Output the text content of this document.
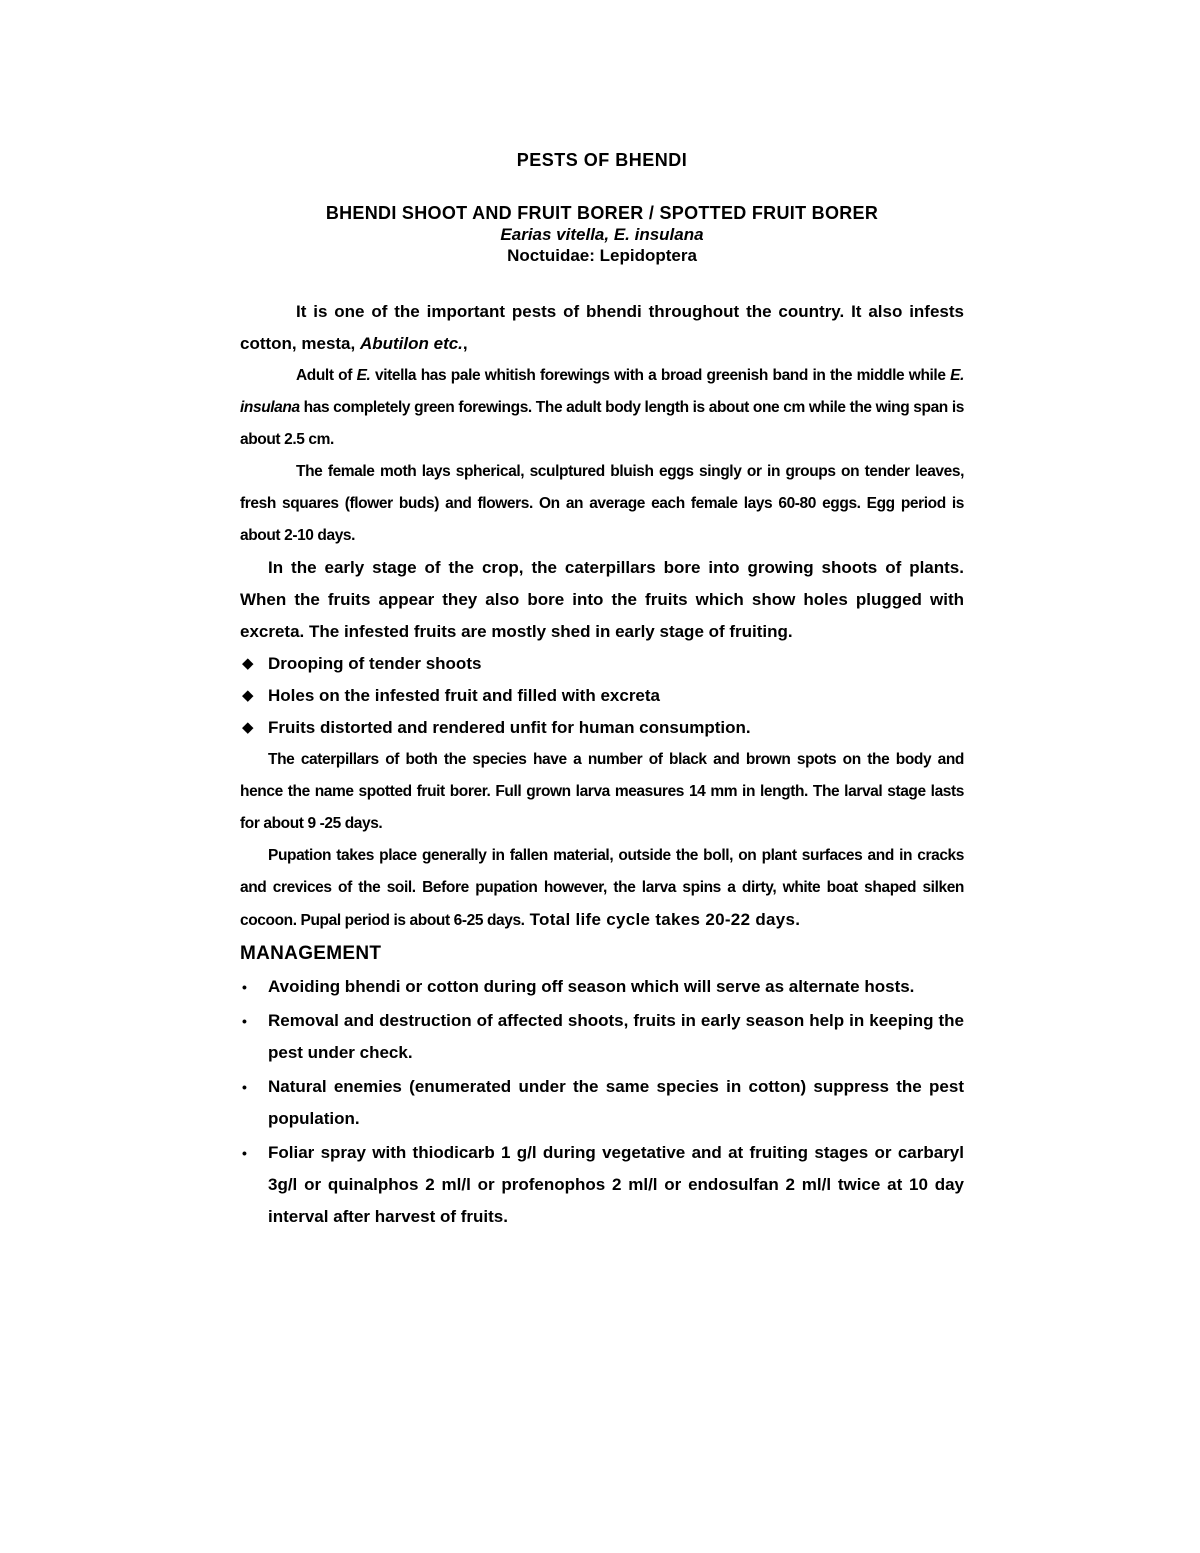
PESTS OF BHENDI
BHENDI SHOOT AND FRUIT BORER / SPOTTED FRUIT BORER
Earias vitella, E. insulana
Noctuidae: Lepidoptera

It is one of the important pests of bhendi throughout the country. It also infests cotton, mesta, Abutilon etc.,

Adult of E. vitella has pale whitish forewings with a broad greenish band in the middle while E. insulana has completely green forewings. The adult body length is about one cm while the wing span is about 2.5 cm.

The female moth lays spherical, sculptured bluish eggs singly or in groups on tender leaves, fresh squares (flower buds) and flowers. On an average each female lays 60-80 eggs. Egg period is about 2-10 days.

In the early stage of the crop, the caterpillars bore into growing shoots of plants. When the fruits appear they also bore into the fruits which show holes plugged with excreta. The infested fruits are mostly shed in early stage of fruiting.

◆ Drooping of tender shoots
◆ Holes on the infested fruit and filled with excreta
◆ Fruits distorted and rendered unfit for human consumption.

The caterpillars of both the species have a number of black and brown spots on the body and hence the name spotted fruit borer. Full grown larva measures 14 mm in length. The larval stage lasts for about 9 -25 days.

Pupation takes place generally in fallen material, outside the boll, on plant surfaces and in cracks and crevices of the soil. Before pupation however, the larva spins a dirty, white boat shaped silken cocoon. Pupal period is about 6-25 days. Total life cycle takes 20-22 days.

MANAGEMENT
• Avoiding bhendi or cotton during off season which will serve as alternate hosts.
• Removal and destruction of affected shoots, fruits in early season help in keeping the pest under check.
• Natural enemies (enumerated under the same species in cotton) suppress the pest population.
• Foliar spray with thiodicarb 1 g/l during vegetative and at fruiting stages or carbaryl 3g/l or quinalphos 2 ml/l or profenophos 2 ml/l or endosulfan 2 ml/l twice at 10 day interval after harvest of fruits.
